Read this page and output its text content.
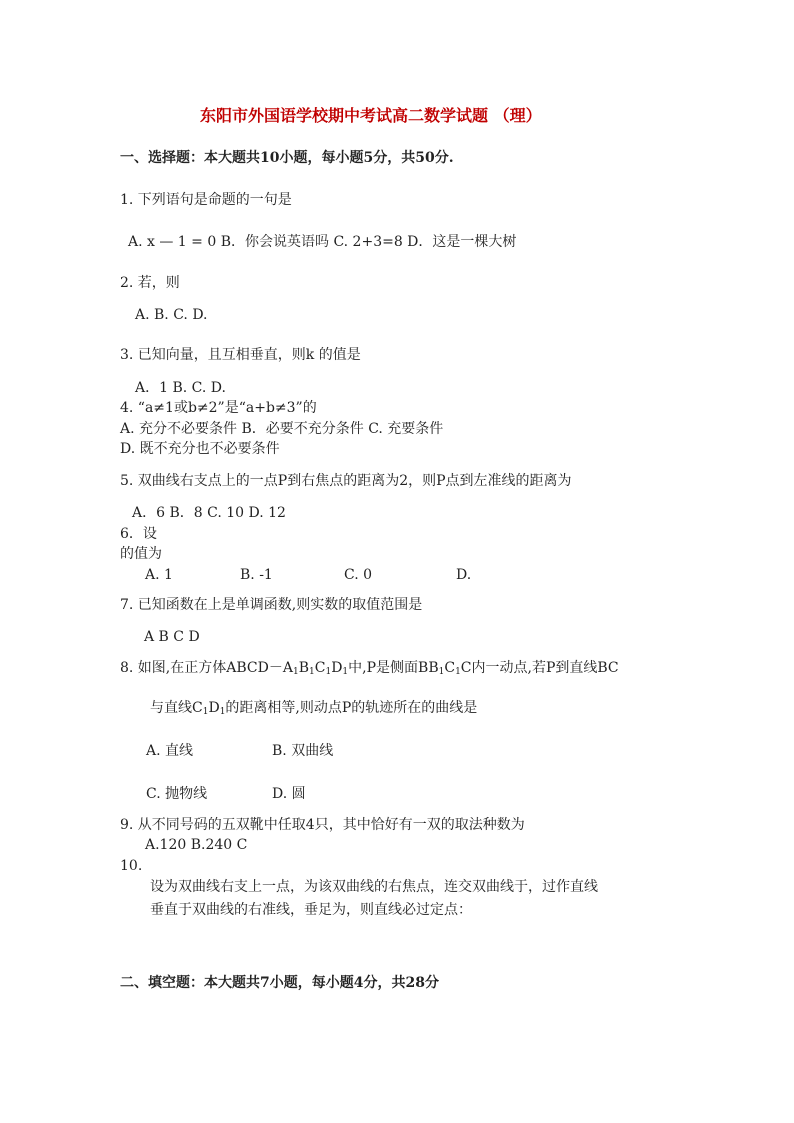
东阳市外国语学校期中考试高二数学试题 （理）
一、选择题：本大题共10小题，每小题5分，共50分.
1. 下列语句是命题的一句是
A. x — 1 = 0 B．你会说英语吗 C. 2+3=8 D．这是一棵大树
2. 若，则
A. B. C. D.
3. 已知向量，且互相垂直，则k 的值是
A．1 B. C. D.
4. “a≠1或b≠2”是“a+b≠3”的
A. 充分不必要条件 B．必要不充分条件 C. 充要条件
D. 既不充分也不必要条件
5. 双曲线右支点上的一点P到右焦点的距离为2，则P点到左准线的距离为
A．6 B．8 C. 10 D. 12
6．设
的值为
A. 1	B. -1	C. 0	D.
7. 已知函数在上是单调函数,则实数的取值范围是
A B C D
8. 如图,在正方体$ABCD-A_1B_1C_1D_1$中,P是侧面$BB_1C_1C$内一动点,若P到直线BC
与直线$C_1D_1$的距离相等,则动点P的轨迹所在的曲线是
A. 直线	B. 双曲线
C. 抛物线	D. 圆
9. 从不同号码的五双靴中任取4只，其中恰好有一双的取法种数为
A.120 B.240 C
10.
设为双曲线右支上一点，为该双曲线的右焦点，连交双曲线于，过作直线
垂直于双曲线的右准线，垂足为，则直线必过定点：
二、填空题：本大题共7小题，每小题4分，共28分
